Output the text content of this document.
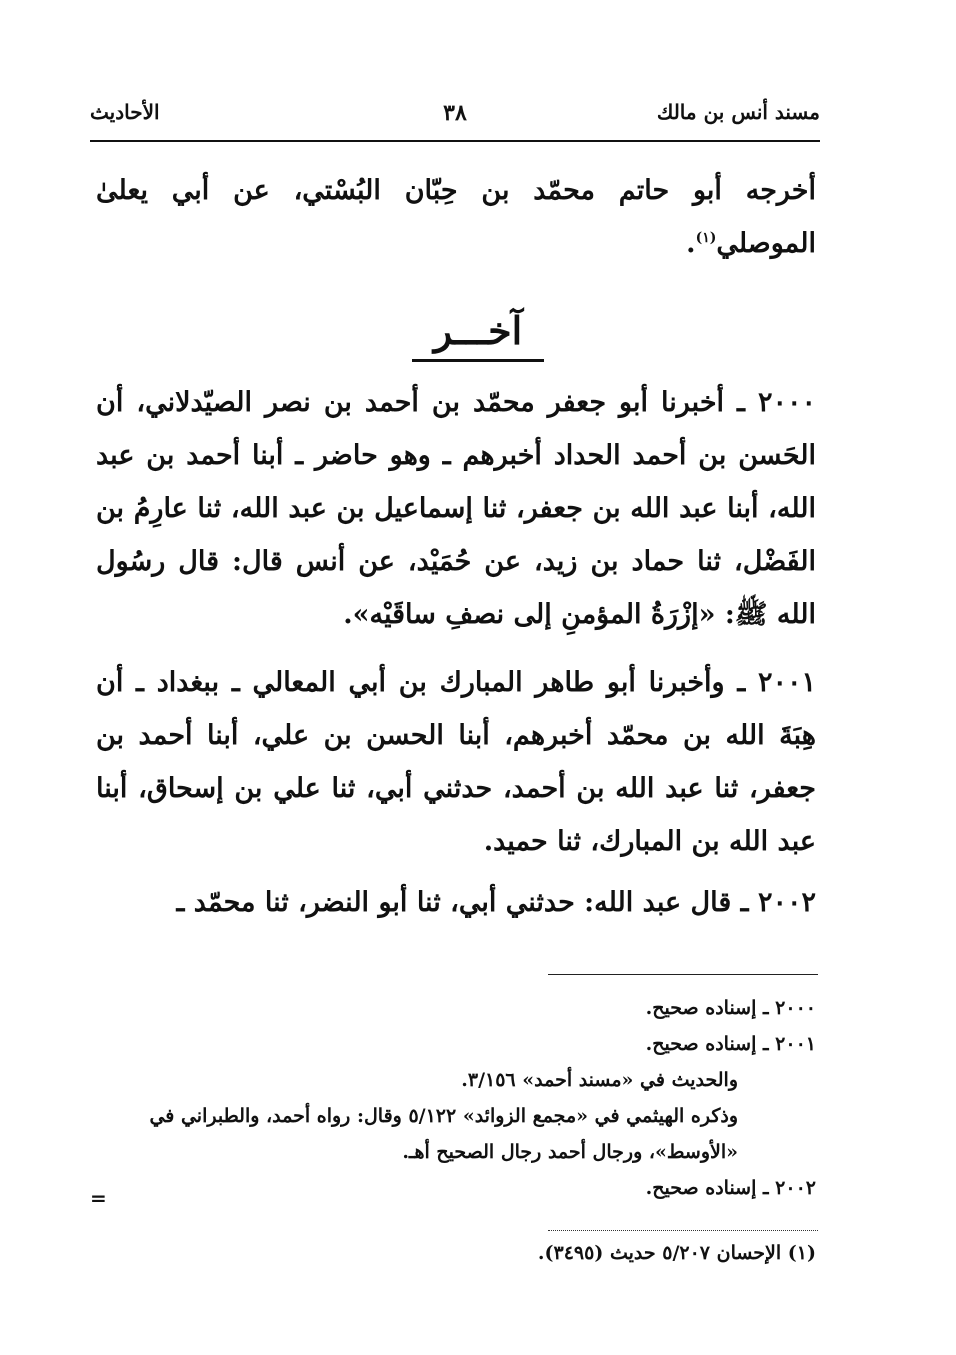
مسند أنس بن مالك
٣٨
الأحاديث
أخرجه أبو حاتم محمّد بن حِبّان البُسْتي، عن أبي يعلىٰ الموصلي$^{(١)}$.
آخـــر
٢٠٠٠ ـ أخبرنا أبو جعفر محمّد بن أحمد بن نصر الصيّدلاني، أن الحَسن بن أحمد الحداد أخبرهم ـ وهو حاضر ـ أبنا أحمد بن عبد الله، أبنا عبد الله بن جعفر، ثنا إسماعيل بن عبد الله، ثنا عارِمُ بن الفَضْل، ثنا حماد بن زيد، عن حُمَيْد، عن أنس قال: قال رسُول الله ﷺ: «إزْرَةُ المؤمنِ إلى نصفِ ساقَيْه».
٢٠٠١ ـ وأخبرنا أبو طاهر المبارك بن أبي المعالي ـ ببغداد ـ أن هِبَةَ الله بن محمّد أخبرهم، أبنا الحسن بن علي، أبنا أحمد بن جعفر، ثنا عبد الله بن أحمد، حدثني أبي، ثنا علي بن إسحاق، أبنا عبد الله بن المبارك، ثنا حميد.
٢٠٠٢ ـ قال عبد الله: حدثني أبي، ثنا أبو النضر، ثنا محمّد ـ
٢٠٠٠ ـ إسناده صحيح.
٢٠٠١ ـ إسناده صحيح.
والحديث في «مسند أحمد» ٣/١٥٦.
وذكره الهيثمي في «مجمع الزوائد» ٥/١٢٢ وقال: رواه أحمد، والطبراني في «الأوسط»، ورجال أحمد رجال الصحيح أهـ.
٢٠٠٢ ـ إسناده صحيح.
=
(١) الإحسان ٥/٢٠٧ حديث (٣٤٩٥).
